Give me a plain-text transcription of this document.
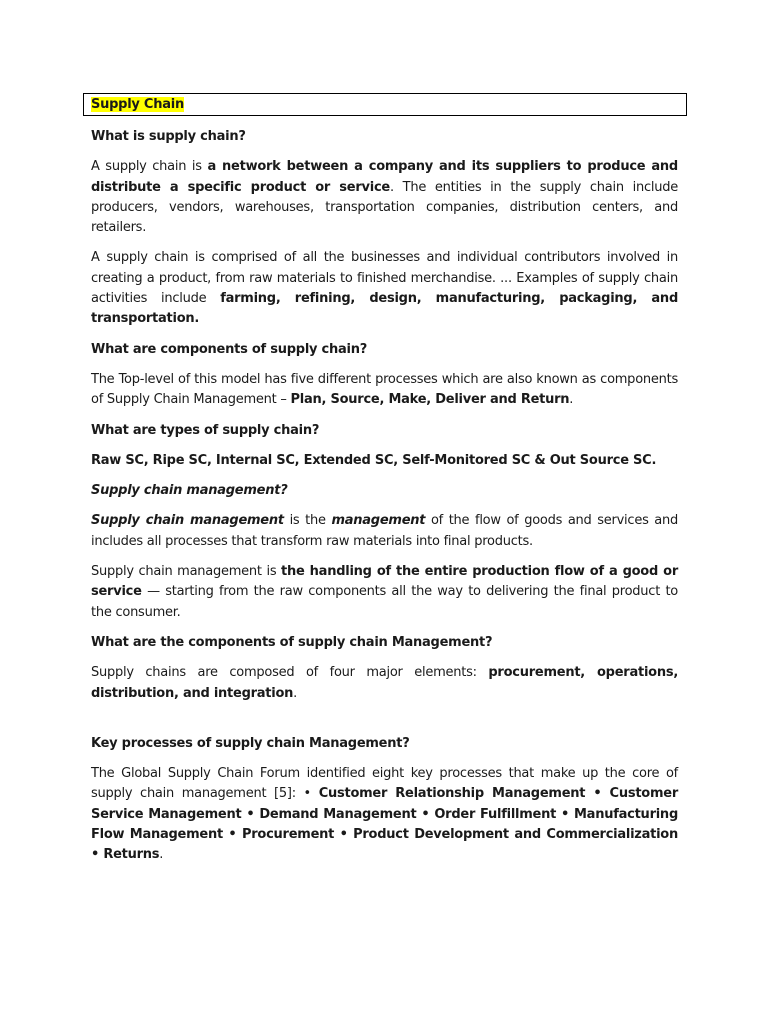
Supply Chain

What is supply chain?

A supply chain is a network between a company and its suppliers to produce and distribute a specific product or service. The entities in the supply chain include producers, vendors, warehouses, transportation companies, distribution centers, and retailers.

A supply chain is comprised of all the businesses and individual contributors involved in creating a product, from raw materials to finished merchandise. ... Examples of supply chain activities include farming, refining, design, manufacturing, packaging, and transportation.

What are components of supply chain?

The Top-level of this model has five different processes which are also known as components of Supply Chain Management – Plan, Source, Make, Deliver and Return.

What are types of supply chain?

Raw SC, Ripe SC, Internal SC, Extended SC, Self-Monitored SC & Out Source SC.

Supply chain management?

Supply chain management is the management of the flow of goods and services and includes all processes that transform raw materials into final products.

Supply chain management is the handling of the entire production flow of a good or service — starting from the raw components all the way to delivering the final product to the consumer.

What are the components of supply chain Management?

Supply chains are composed of four major elements: procurement, operations, distribution, and integration.

Key processes of supply chain Management?

The Global Supply Chain Forum identified eight key processes that make up the core of supply chain management [5]: • Customer Relationship Management • Customer Service Management • Demand Management • Order Fulfillment • Manufacturing Flow Management • Procurement • Product Development and Commercialization • Returns.
